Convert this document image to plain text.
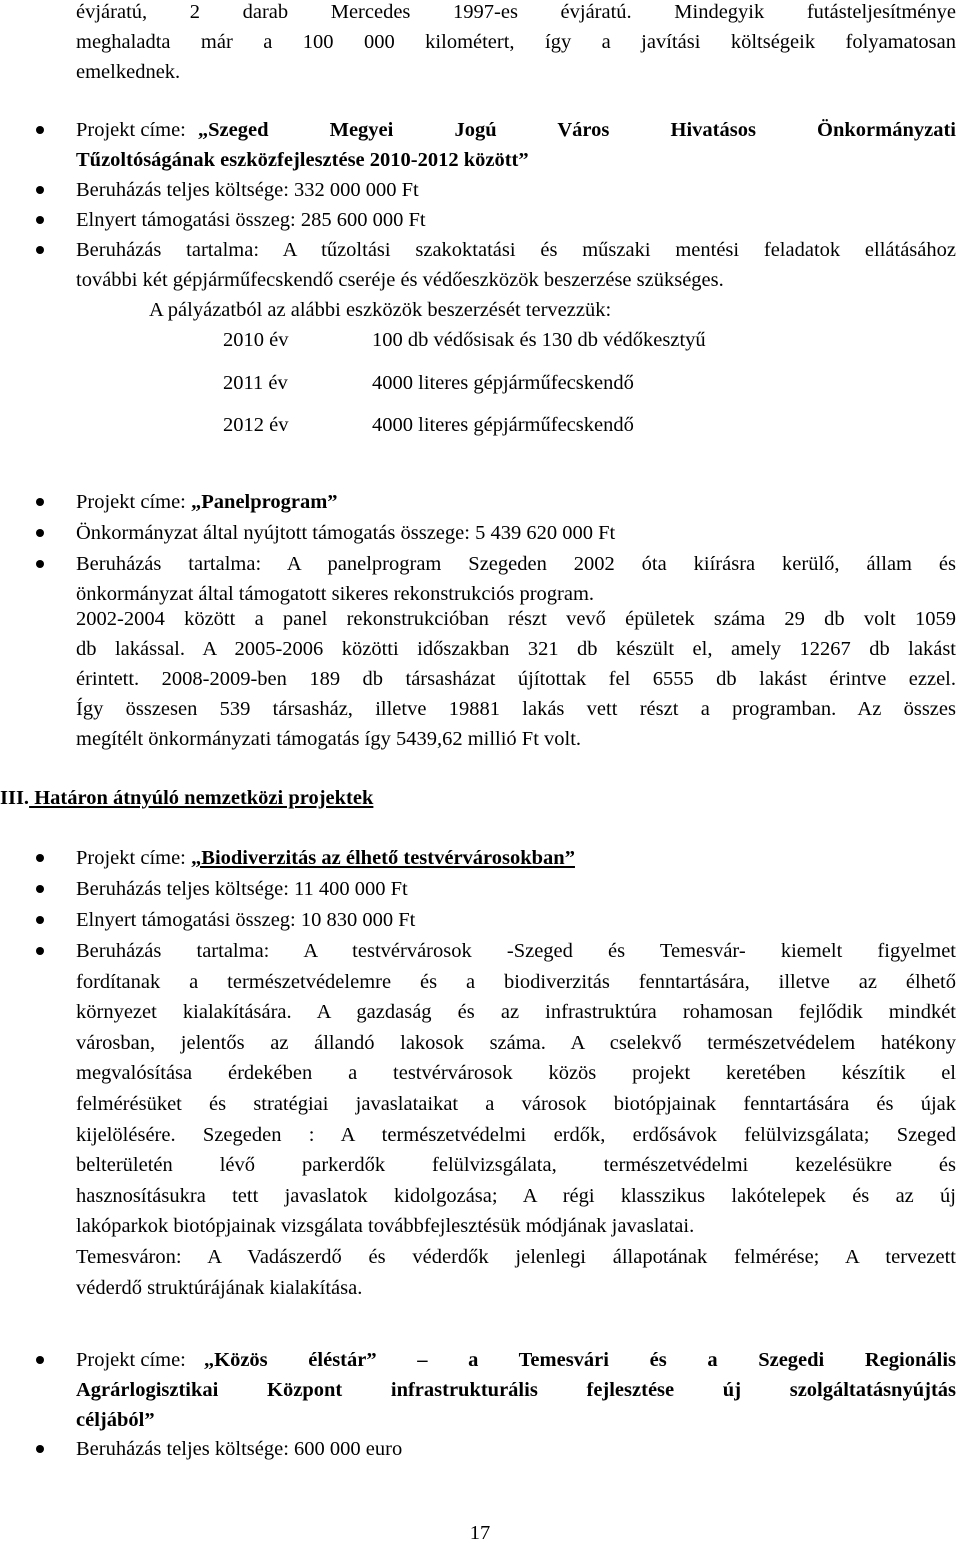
évjáratú, 2 darab Mercedes 1997-es évjáratú. Mindegyik futásteljesítménye
meghaladta már a 100 000 kilométert, így a javítási költségeik folyamatosan
emelkednek.
Projekt címe: „Szeged Megyei Jogú Város Hivatásos Önkormányzati
Tűzoltóságának eszközfejlesztése 2010-2012 között”
Beruházás teljes költsége: 332 000 000 Ft
Elnyert támogatási összeg: 285 600 000 Ft
Beruházás tartalma: A tűzoltási szakoktatási és műszaki mentési feladatok ellátásához
további két gépjárműfecskendő cseréje és védőeszközök beszerzése szükséges.
A pályázatból az alábbi eszközök beszerzését tervezzük:
2010 év	100 db védősisak és 130 db védőkesztyű
2011 év	4000 literes gépjárműfecskendő
2012 év	4000 literes gépjárműfecskendő
Projekt címe: „Panelprogram”
Önkormányzat által nyújtott támogatás összege: 5 439 620 000 Ft
Beruházás tartalma: A panelprogram Szegeden 2002 óta kiírásra kerülő, állam és
önkormányzat által támogatott sikeres rekonstrukciós program.
2002-2004 között a panel rekonstrukcióban részt vevő épületek száma 29 db volt 1059
db lakással. A 2005-2006 közötti időszakban 321 db készült el, amely 12267 db lakást
érintett. 2008-2009-ben 189 db társasházat újítottak fel 6555 db lakást érintve ezzel.
Így összesen 539 társasház, illetve 19881 lakás vett részt a programban. Az összes
megítélt önkormányzati támogatás így 5439,62 millió Ft volt.
III. Határon átnyúló nemzetközi projektek
Projekt címe: „Biodiverzitás az élhető testvérvárosokban”
Beruházás teljes költsége: 11 400 000 Ft
Elnyert támogatási összeg: 10 830 000 Ft
Beruházás tartalma: A testvérvárosok -Szeged és Temesvár- kiemelt figyelmet
fordítanak a természetvédelemre és a biodiverzitás fenntartására, illetve az élhető
környezet kialakítására. A gazdaság és az infrastruktúra rohamosan fejlődik mindkét
városban, jelentős az állandó lakosok száma. A cselekvő természetvédelem hatékony
megvalósítása érdekében a testvérvárosok közös projekt keretében készítik el
felmérésüket és stratégiai javaslataikat a városok biotópjainak fenntartására és újak
kijelölésére. Szegeden : A természetvédelmi erdők, erdősávok felülvizsgálata; Szeged
belterületén lévő parkerdők felülvizsgálata, természetvédelmi kezelésükre és
hasznosításukra tett javaslatok kidolgozása; A régi klasszikus lakótelepek és az új
lakóparkok biotópjainak vizsgálata továbbfejlesztésük módjának javaslatai.
Temesváron: A Vadászerdő és véderdők jelenlegi állapotának felmérése; A tervezett
véderdő struktúrájának kialakítása.
Projekt címe: „Közös éléstár” – a Temesvári és a Szegedi Regionális
Agrárlogisztikai Központ infrastrukturális fejlesztése új szolgáltatásnyújtás
céljából”
Beruházás teljes költsége: 600 000 euro
17
